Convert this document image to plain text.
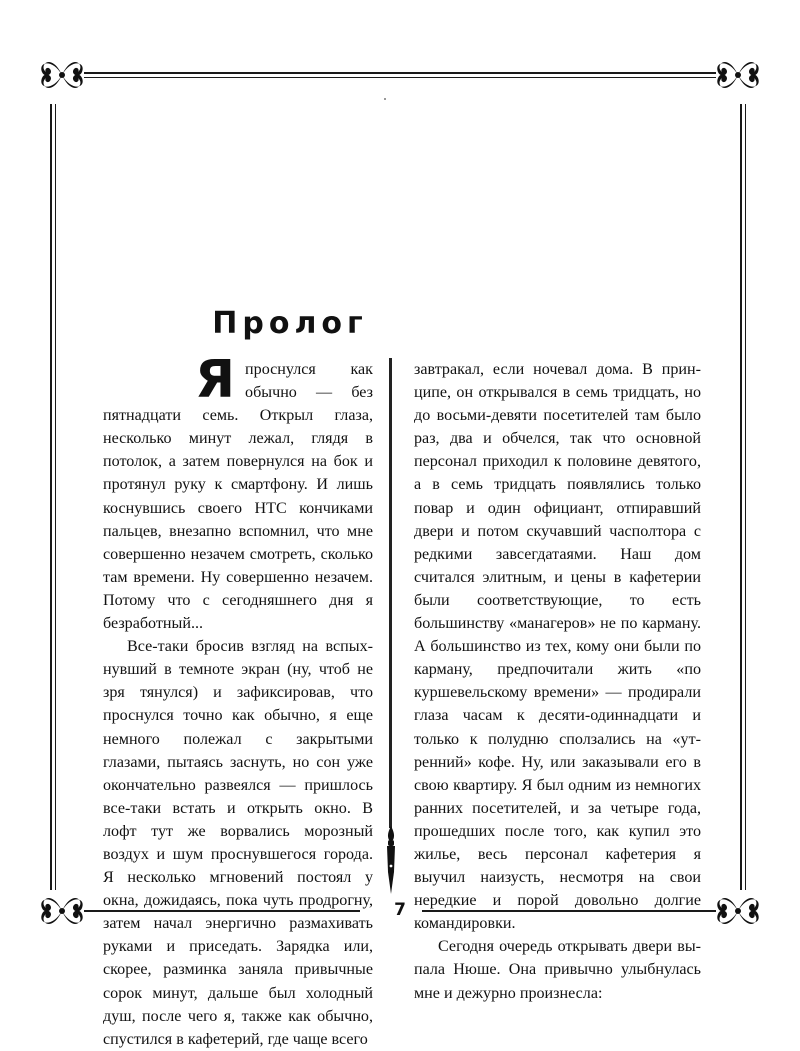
Пролог

Япроснулся как обычно — без пятнадцати семь. Открыл глаза, несколько минут лежал, глядя в потолок, а затем повернулся на бок и протянул руку к смартфону. И лишь коснувшись своего HTC кончиками пальцев, внезапно вспомнил, что мне совершенно незачем смотреть, сколько там времени. Ну совершенно незачем. Потому что с сегодняшнего дня я безработный...

Все-таки бросив взгляд на вспыхнувший в темноте экран (ну, чтоб не зря тянулся) и зафиксировав, что проснулся точно как обычно, я еще немного полежал с закрытыми глазами, пытаясь заснуть, но сон уже окончательно развеялся — пришлось все-таки встать и открыть окно. В лофт тут же ворвались морозный воздух и шум проснувшегося города. Я несколько мгновений постоял у окна, дожидаясь, пока чуть продрогну, затем начал энергично размахивать руками и приседать. Зарядка или, скорее, разминка заняла привычные сорок минут, дальше был холодный душ, после чего я, также как обычно, спустился в кафетерий, где чаще всего

завтракал, если ночевал дома. В принципе, он открывался в семь тридцать, но до восьми-девяти посетителей там было раз, два и обчелся, так что основной персонал приходил к половине девятого, а в семь тридцать появлялись только повар и один официант, отпиравший двери и потом скучавший часполтора с редкими завсегдатаями. Наш дом считался элитным, и цены в кафетерии были соответствующие, то есть большинству «манагеров» не по карману. А большинство из тех, кому они были по карману, предпочитали жить «по куршевельскому времени» — продирали глаза часам к десяти-одиннадцати и только к полудню сползались на «утренний» кофе. Ну, или заказывали его в свою квартиру. Я был одним из немногих ранних посетителей, и за четыре года, прошедших после того, как купил это жилье, весь персонал кафетерия я выучил наизусть, несмотря на свои нередкие и порой довольно долгие командировки.

Сегодня очередь открывать двери выпала Нюше. Она привычно улыбнулась мне и дежурно произнесла:

7
